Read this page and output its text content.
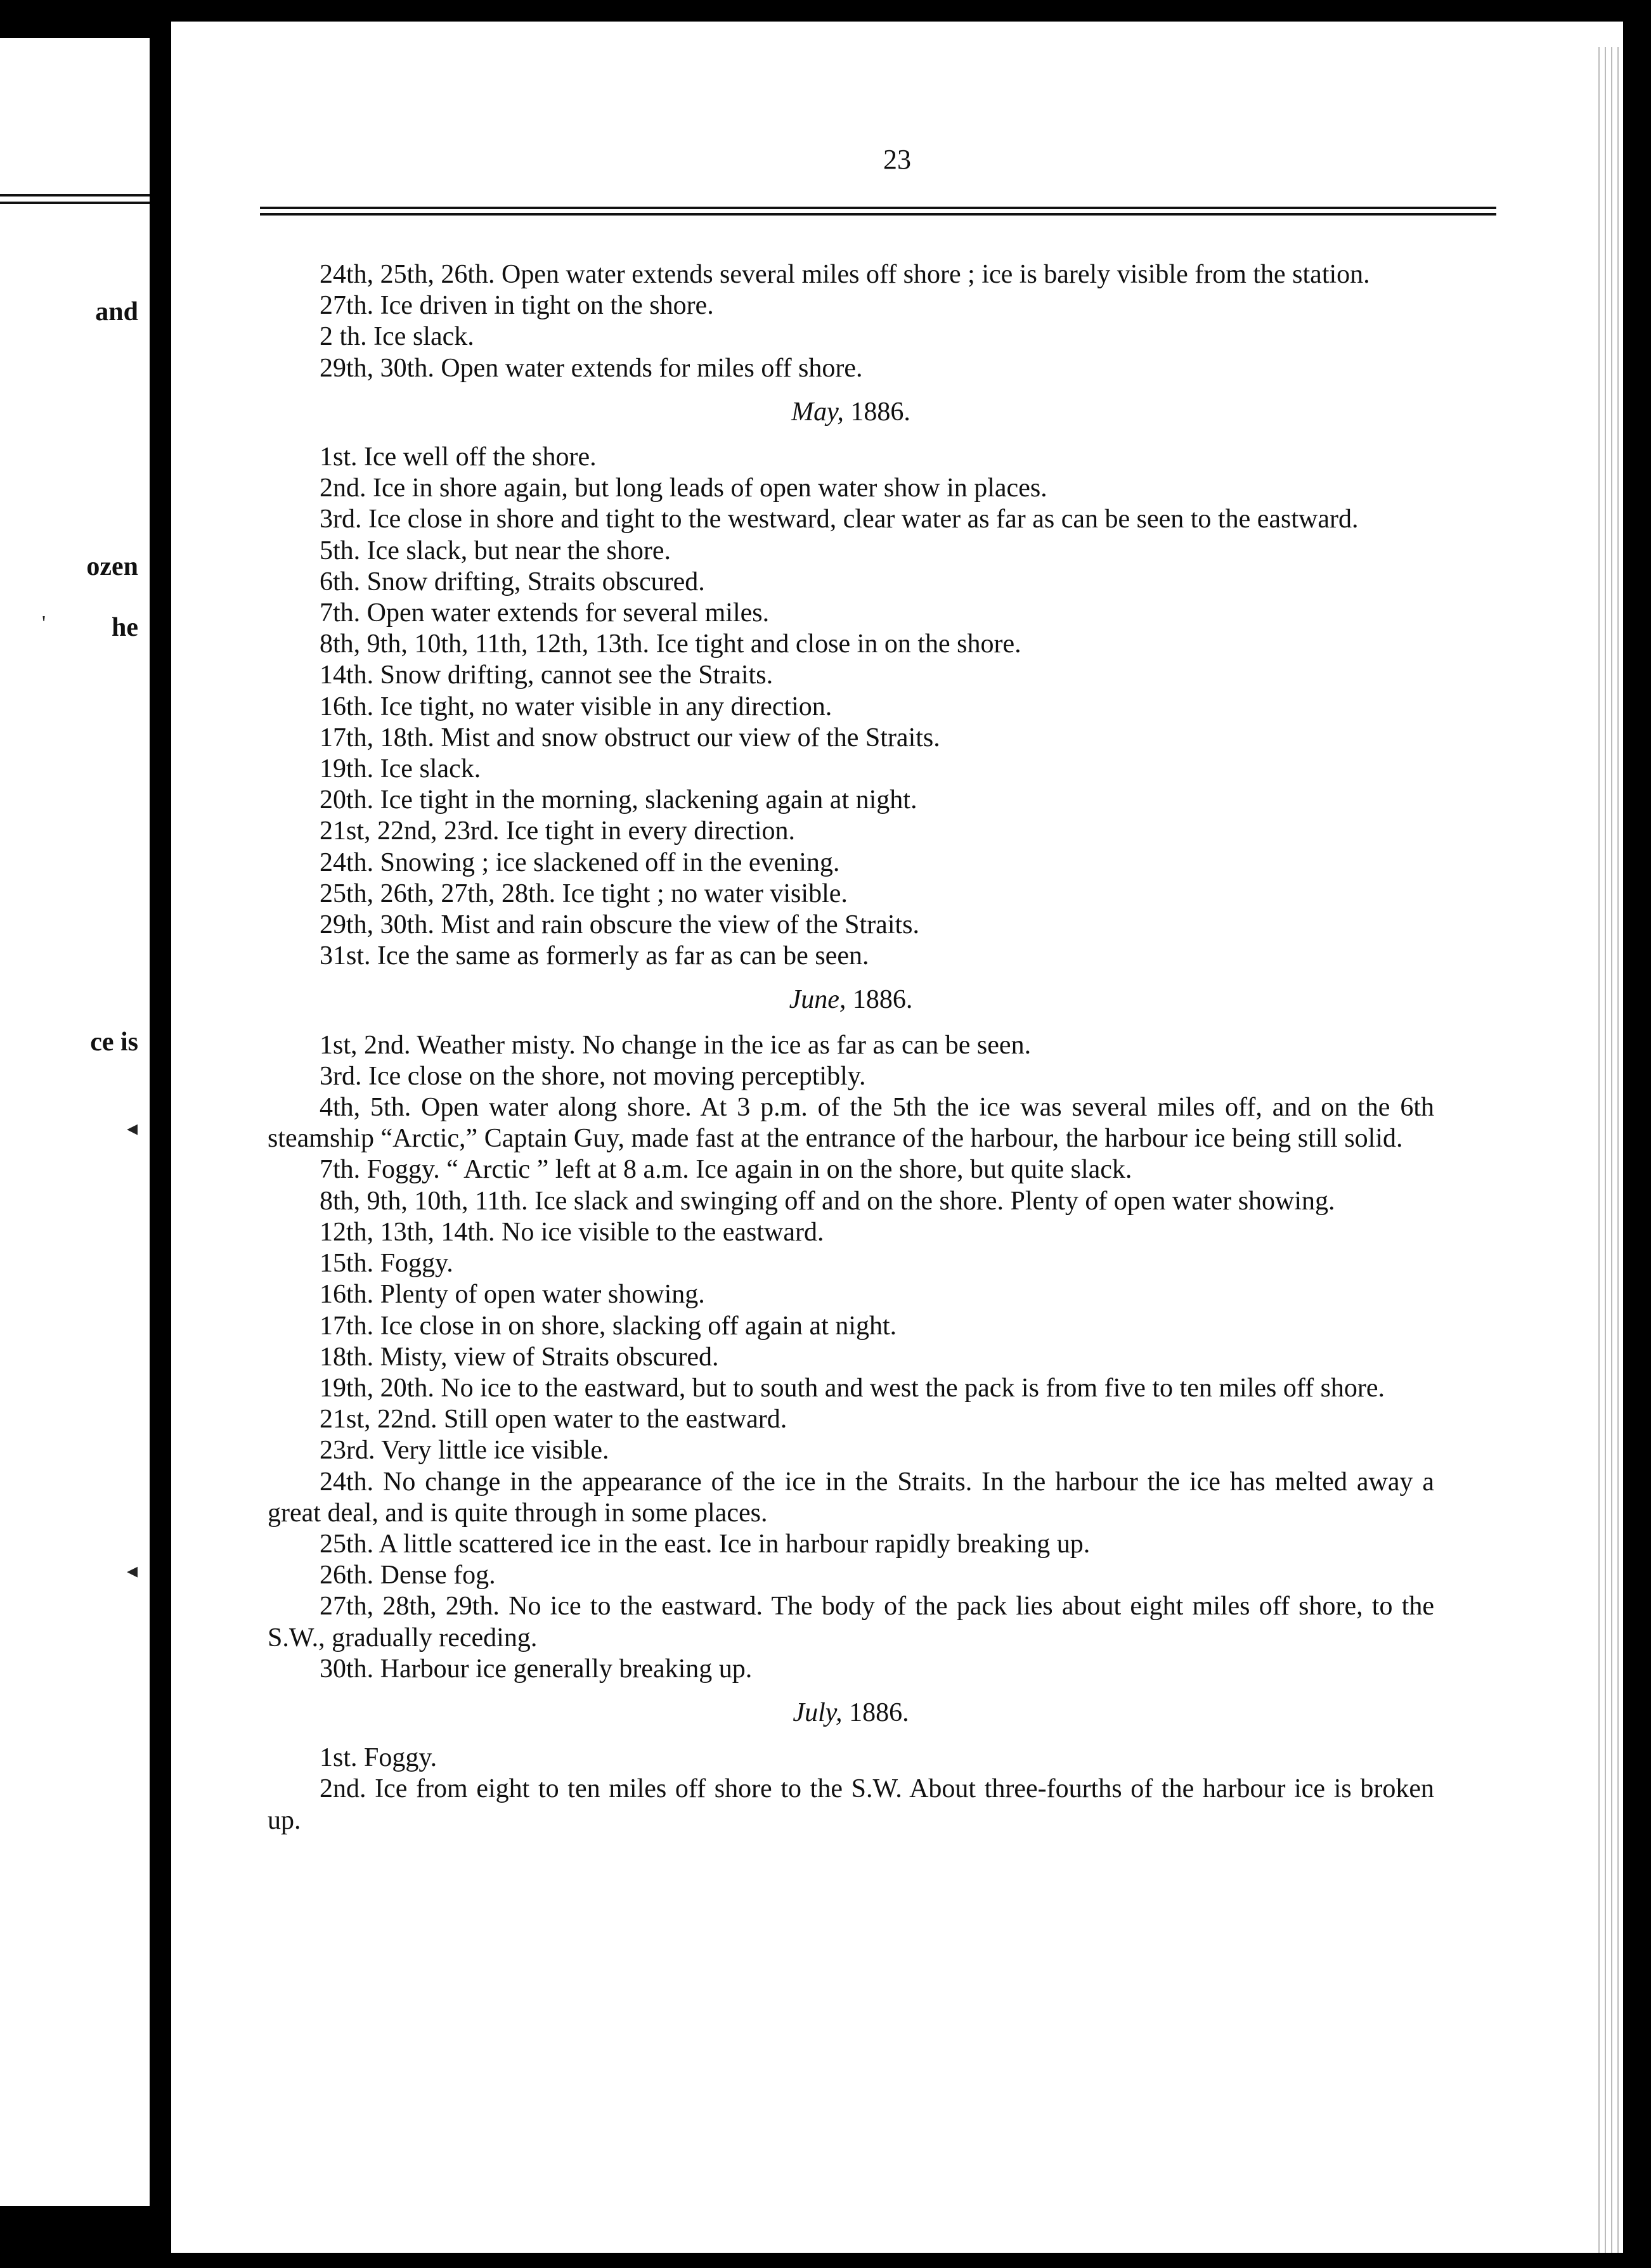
and
ozen
he
ce is
'
◂
◂
23

24th, 25th, 26th. Open water extends several miles off shore ; ice is barely visible from the station.

27th. Ice driven in tight on the shore.

2 th. Ice slack.

29th, 30th. Open water extends for miles off shore.

May, 1886.

1st. Ice well off the shore.

2nd. Ice in shore again, but long leads of open water show in places.

3rd. Ice close in shore and tight to the westward, clear water as far as can be seen to the eastward.

5th. Ice slack, but near the shore.

6th. Snow drifting, Straits obscured.

7th. Open water extends for several miles.

8th, 9th, 10th, 11th, 12th, 13th. Ice tight and close in on the shore.

14th. Snow drifting, cannot see the Straits.

16th. Ice tight, no water visible in any direction.

17th, 18th. Mist and snow obstruct our view of the Straits.

19th. Ice slack.

20th. Ice tight in the morning, slackening again at night.

21st, 22nd, 23rd. Ice tight in every direction.

24th. Snowing ; ice slackened off in the evening.

25th, 26th, 27th, 28th. Ice tight ; no water visible.

29th, 30th. Mist and rain obscure the view of the Straits.

31st. Ice the same as formerly as far as can be seen.

June, 1886.

1st, 2nd. Weather misty. No change in the ice as far as can be seen.

3rd. Ice close on the shore, not moving perceptibly.

4th, 5th. Open water along shore. At 3 p.m. of the 5th the ice was several miles off, and on the 6th steamship “Arctic,” Captain Guy, made fast at the entrance of the harbour, the harbour ice being still solid.

7th. Foggy. “ Arctic ” left at 8 a.m. Ice again in on the shore, but quite slack.

8th, 9th, 10th, 11th. Ice slack and swinging off and on the shore. Plenty of open water showing.

12th, 13th, 14th. No ice visible to the eastward.

15th. Foggy.

16th. Plenty of open water showing.

17th. Ice close in on shore, slacking off again at night.

18th. Misty, view of Straits obscured.

19th, 20th. No ice to the eastward, but to south and west the pack is from five to ten miles off shore.

21st, 22nd. Still open water to the eastward.

23rd. Very little ice visible.

24th. No change in the appearance of the ice in the Straits. In the harbour the ice has melted away a great deal, and is quite through in some places.

25th. A little scattered ice in the east. Ice in harbour rapidly breaking up.

26th. Dense fog.

27th, 28th, 29th. No ice to the eastward. The body of the pack lies about eight miles off shore, to the S.W., gradually receding.

30th. Harbour ice generally breaking up.

July, 1886.

1st. Foggy.

2nd. Ice from eight to ten miles off shore to the S.W. About three-fourths of the harbour ice is broken up.
